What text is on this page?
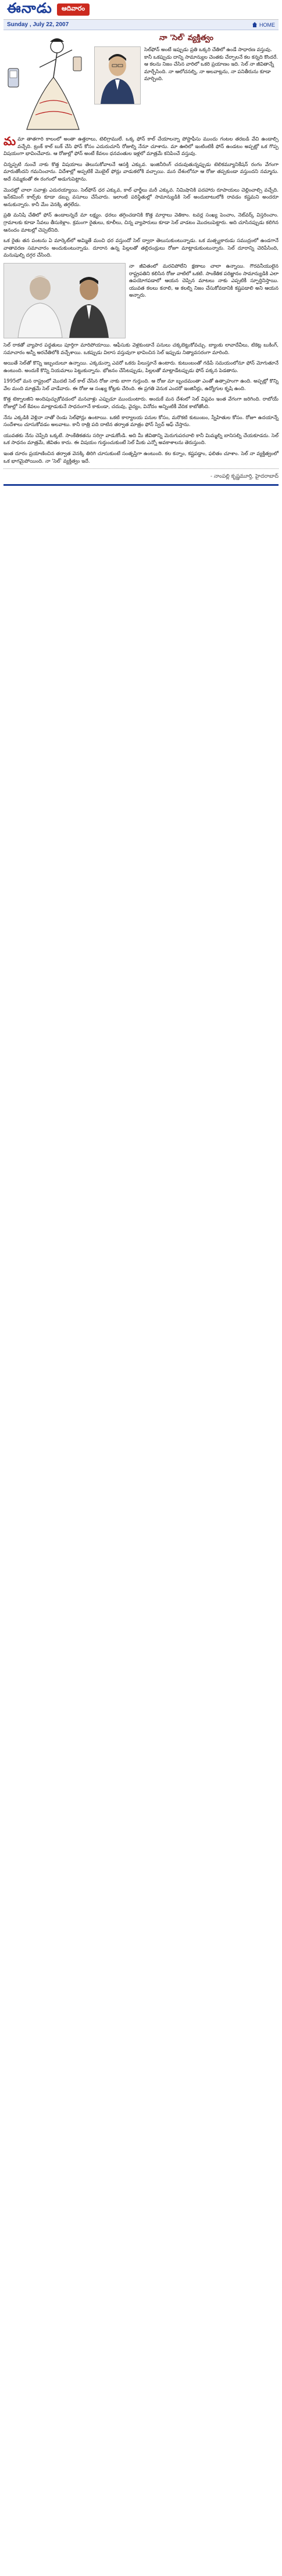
ఈనాడు	ఆదివారం
Sunday , July 22, 2007	HOME
నా 'సెల్' వ్యక్తిత్వం

సెల్‌ఫోన్ అంటే ఇప్పుడు ప్రతి ఒక్కరి చేతిలో ఉండే సాధారణ వస్తువు. కానీ ఒకప్పుడు దాన్ని సామాన్యుల చెంతకు చేర్చాలనే కల కన్నది కొందరే. ఆ కలను నిజం చేసిన వారిలో ఒకరి ప్రయాణం ఇది. సెల్ నా జీవితాన్నే మార్చేసింది. నా ఆలోచనల్ని, నా అలవాట్లను, నా పనితీరును కూడా మార్చింది.

మమా తాతగారి కాలంలో అంతా ఉత్తరాలు, టెలిగ్రాములే. ఒక్క ఫోన్ కాల్ చేయాలన్నా పోస్టాఫీసు ముందు గంటల తరబడి వేచి ఉండాల్సి వచ్చేది. ట్రంక్ కాల్ బుక్ చేసి ఫోన్ కోసం ఎదురుచూసే రోజుల్ని నేనూ చూశాను. మా ఊరిలో ఇంటింటికీ ఫోన్ ఉండటం అప్పట్లో ఒక గొప్ప విషయంగా భావించేవారు. ఆ రోజుల్లో ఫోన్ అంటే కేవలం ధనవంతుల ఇళ్లలో మాత్రమే కనిపించే వస్తువు.

చిన్నప్పటి నుంచే నాకు కొత్త విషయాలు తెలుసుకోవాలనే ఆసక్తి ఎక్కువ. ఇంజినీరింగ్ చదువుతున్నప్పుడు టెలికమ్యూనికేషన్ రంగం వేగంగా మారుతోందని గమనించాను. విదేశాల్లో అప్పటికే మొబైల్ ఫోన్లు వాడుకలోకి వచ్చాయి. మన దేశంలోనూ ఆ రోజు తప్పకుండా వస్తుందని నమ్మాను. అదే నమ్మకంతో ఈ రంగంలో అడుగుపెట్టాను.

మొదట్లో చాలా సవాళ్లు ఎదురయ్యాయి. సెల్‌ఫోన్ ధర ఎక్కువ, కాల్ ఛార్జీలు మరీ ఎక్కువ. నిమిషానికి పదహారు రూపాయలు చెల్లించాల్సి వచ్చేది. ఇన్‌కమింగ్ కాల్స్‌కు కూడా డబ్బు వసూలు చేసేవారు. ఇలాంటి పరిస్థితుల్లో సామాన్యుడికి సెల్ అందుబాటులోకి రావడం కష్టమని అందరూ అనుకున్నారు. కానీ మేం వెనక్కి తగ్గలేదు.

ప్రతి మనిషి చేతిలో ఫోన్ ఉండాలన్నదే మా లక్ష్యం. ధరలు తగ్గించడానికి కొత్త మార్గాలు వెతికాం. టవర్ల సంఖ్య పెంచాం, నెట్‌వర్క్ విస్తరించాం. గ్రామాలకు కూడా సేవలు తీసుకెళ్లాం. క్రమంగా రైతులు, కూలీలు, చిన్న వ్యాపారులు కూడా సెల్ వాడటం మొదలుపెట్టారు. అది చూసినప్పుడు కలిగిన ఆనందం మాటల్లో చెప్పలేనిది.

ఒక రైతు తన పంటను ఏ మార్కెట్‌లో అమ్మితే మంచి ధర వస్తుందో సెల్ ద్వారా తెలుసుకుంటున్నాడు. ఒక మత్స్యకారుడు సముద్రంలో ఉండగానే వాతావరణ సమాచారం అందుకుంటున్నాడు. దూరాన ఉన్న పిల్లలతో తల్లిదండ్రులు రోజూ మాట్లాడుకుంటున్నారు. సెల్ దూరాన్ని చెరిపేసింది, మనుషుల్ని దగ్గర చేసింది.

నా జీవితంలో మరచిపోలేని క్షణాలు చాలా ఉన్నాయి. గౌరవనీయులైన రాష్ట్రపతిని కలిసిన రోజు వాటిలో ఒకటి. సాంకేతిక పరిజ్ఞానం సామాన్యుడికి ఎలా ఉపయోగపడాలో ఆయన చెప్పిన మాటలు నాకు ఎప్పటికీ స్ఫూర్తినిస్తాయి. యువత కలలు కనాలి, ఆ కలల్ని నిజం చేసుకోవడానికి కష్టపడాలి అని ఆయన అన్నారు.

సెల్ రాకతో వ్యాపార పద్ధతులు పూర్తిగా మారిపోయాయి. ఆఫీసుకు వెళ్లకుండానే పనులు చక్కబెట్టుకోవచ్చు. బ్యాంకు లావాదేవీలు, టికెట్ల బుకింగ్, సమాచారం అన్నీ అరచేతిలోకి వచ్చేశాయి. ఒకప్పుడు విలాస వస్తువుగా భావించిన సెల్ ఇప్పుడు నిత్యావసరంగా మారింది.

అయితే సెల్‌తో కొన్ని ఇబ్బందులూ ఉన్నాయి. ఎక్కడున్నా ఎవరో ఒకరు పిలుస్తూనే ఉంటారు. కుటుంబంతో గడిపే సమయంలోనూ ఫోన్ మోగుతూనే ఉంటుంది. అందుకే కొన్ని నియమాలు పెట్టుకున్నాను. భోజనం చేసేటప్పుడు, పిల్లలతో మాట్లాడేటప్పుడు ఫోన్ పక్కన పెడతాను.

1995లో మన రాష్ట్రంలో మొదటి సెల్ కాల్ చేసిన రోజు నాకు బాగా గుర్తుంది. ఆ రోజు మా బృందమంతా ఎంతో ఉత్సాహంగా ఉంది. అప్పట్లో కొన్ని వేల మంది మాత్రమే సెల్ వాడేవారు. ఈ రోజు ఆ సంఖ్య కోట్లకు చేరింది. ఈ ప్రగతి వెనుక ఎందరో ఇంజినీర్లు, ఉద్యోగుల కృషి ఉంది.

కొత్త టెక్నాలజీని అందిపుచ్చుకోవడంలో మనవాళ్లు ఎప్పుడూ ముందుంటారు. అందుకే మన దేశంలో సెల్ విప్లవం ఇంత వేగంగా జరిగింది. రాబోయే రోజుల్లో సెల్ కేవలం మాట్లాడుకునే సాధనంగానే కాకుండా, చదువు, వైద్యం, వినోదం అన్నింటికీ వేదిక కాబోతోంది.

నేను ఎక్కడికి వెళ్లినా నాతో రెండు సెల్‌ఫోన్లు ఉంటాయి. ఒకటి కార్యాలయ పనుల కోసం, మరొకటి కుటుంబం, స్నేహితుల కోసం. రోజూ ఉదయాన్నే సందేశాలు చూసుకోవడం అలవాటు. కానీ రాత్రి పది దాటిన తర్వాత మాత్రం ఫోన్ స్విచ్ ఆఫ్ చేస్తాను.

యువతకు నేను చెప్పేది ఒక్కటే. సాంకేతికతను సరిగ్గా వాడుకోండి. అది మీ జీవితాన్ని మెరుగుపరచాలి కానీ మిమ్మల్ని బానిసల్ని చేయకూడదు. సెల్ ఒక సాధనం మాత్రమే, జీవితం కాదు. ఈ విషయం గుర్తుంచుకుంటే సెల్ మీకు ఎన్నో అవకాశాలను తెరుస్తుంది.

ఇంత దూరం ప్రయాణించిన తర్వాత వెనక్కి తిరిగి చూసుకుంటే సంతృప్తిగా ఉంటుంది. కల కన్నాం, కష్టపడ్డాం, ఫలితం చూశాం. సెల్ నా వ్యక్తిత్వంలో ఒక భాగమైపోయింది. నా 'సెల్' వ్యక్తిత్వం ఇదే.

- నాంపల్లి కృష్ణమూర్తి, హైదరాబాద్
